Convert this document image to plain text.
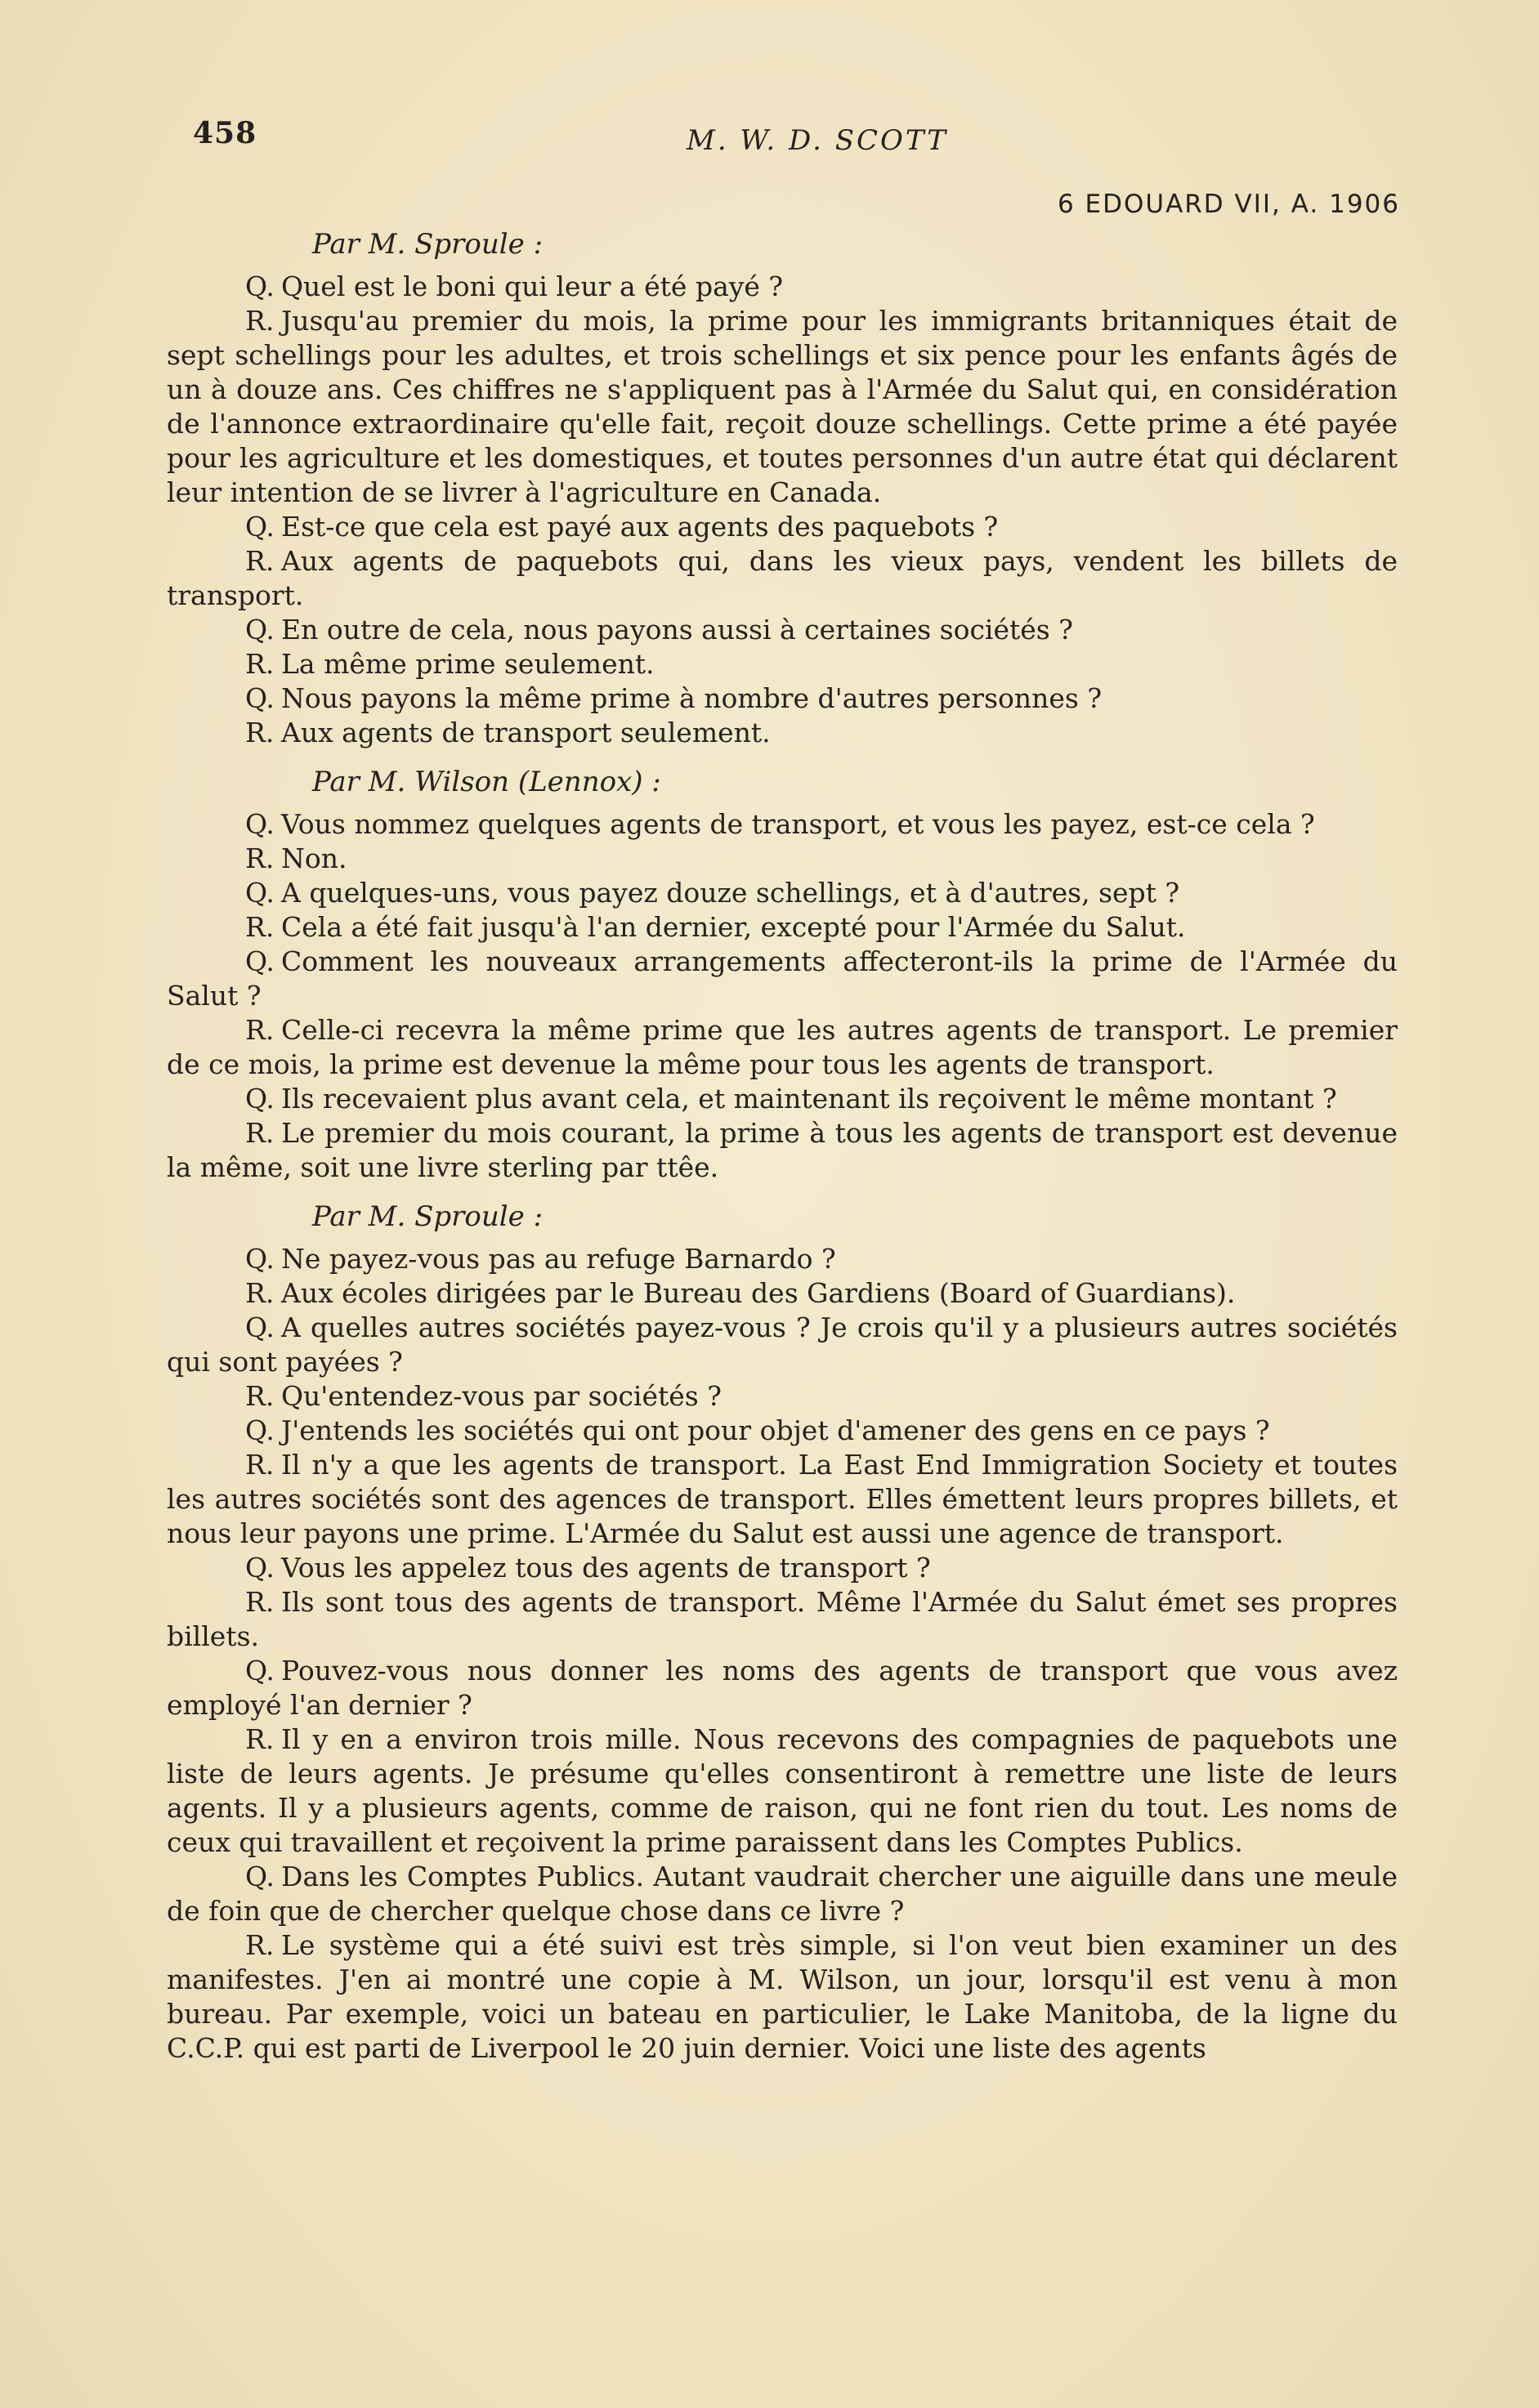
458	M. W. D. SCOTT
6 EDOUARD VII, A. 1906
Par M. Sproule :

Q. Quel est le boni qui leur a été payé ?

R. Jusqu'au premier du mois, la prime pour les immigrants britanniques était de sept schellings pour les adultes, et trois schellings et six pence pour les enfants âgés de un à douze ans. Ces chiffres ne s'appliquent pas à l'Armée du Salut qui, en considération de l'annonce extraordinaire qu'elle fait, reçoit douze schellings. Cette prime a été payée pour les agriculture et les domestiques, et toutes personnes d'un autre état qui déclarent leur intention de se livrer à l'agriculture en Canada.

Q. Est-ce que cela est payé aux agents des paquebots ?

R. Aux agents de paquebots qui, dans les vieux pays, vendent les billets de transport.

Q. En outre de cela, nous payons aussi à certaines sociétés ?

R. La même prime seulement.

Q. Nous payons la même prime à nombre d'autres personnes ?

R. Aux agents de transport seulement.

Par M. Wilson (Lennox) :

Q. Vous nommez quelques agents de transport, et vous les payez, est-ce cela ?

R. Non.

Q. A quelques-uns, vous payez douze schellings, et à d'autres, sept ?

R. Cela a été fait jusqu'à l'an dernier, excepté pour l'Armée du Salut.

Q. Comment les nouveaux arrangements affecteront-ils la prime de l'Armée du Salut ?

R. Celle-ci recevra la même prime que les autres agents de transport. Le premier de ce mois, la prime est devenue la même pour tous les agents de transport.

Q. Ils recevaient plus avant cela, et maintenant ils reçoivent le même montant ?

R. Le premier du mois courant, la prime à tous les agents de transport est devenue la même, soit une livre sterling par ttêe.

Par M. Sproule :

Q. Ne payez-vous pas au refuge Barnardo ?

R. Aux écoles dirigées par le Bureau des Gardiens (Board of Guardians).

Q. A quelles autres sociétés payez-vous ? Je crois qu'il y a plusieurs autres sociétés qui sont payées ?

R. Qu'entendez-vous par sociétés ?

Q. J'entends les sociétés qui ont pour objet d'amener des gens en ce pays ?

R. Il n'y a que les agents de transport. La East End Immigration Society et toutes les autres sociétés sont des agences de transport. Elles émettent leurs propres billets, et nous leur payons une prime. L'Armée du Salut est aussi une agence de transport.

Q. Vous les appelez tous des agents de transport ?

R. Ils sont tous des agents de transport. Même l'Armée du Salut émet ses propres billets.

Q. Pouvez-vous nous donner les noms des agents de transport que vous avez employé l'an dernier ?

R. Il y en a environ trois mille. Nous recevons des compagnies de paquebots une liste de leurs agents. Je présume qu'elles consentiront à remettre une liste de leurs agents. Il y a plusieurs agents, comme de raison, qui ne font rien du tout. Les noms de ceux qui travaillent et reçoivent la prime paraissent dans les Comptes Publics.

Q. Dans les Comptes Publics. Autant vaudrait chercher une aiguille dans une meule de foin que de chercher quelque chose dans ce livre ?

R. Le système qui a été suivi est très simple, si l'on veut bien examiner un des manifestes. J'en ai montré une copie à M. Wilson, un jour, lorsqu'il est venu à mon bureau. Par exemple, voici un bateau en particulier, le Lake Manitoba, de la ligne du C.C.P. qui est parti de Liverpool le 20 juin dernier. Voici une liste des agents
